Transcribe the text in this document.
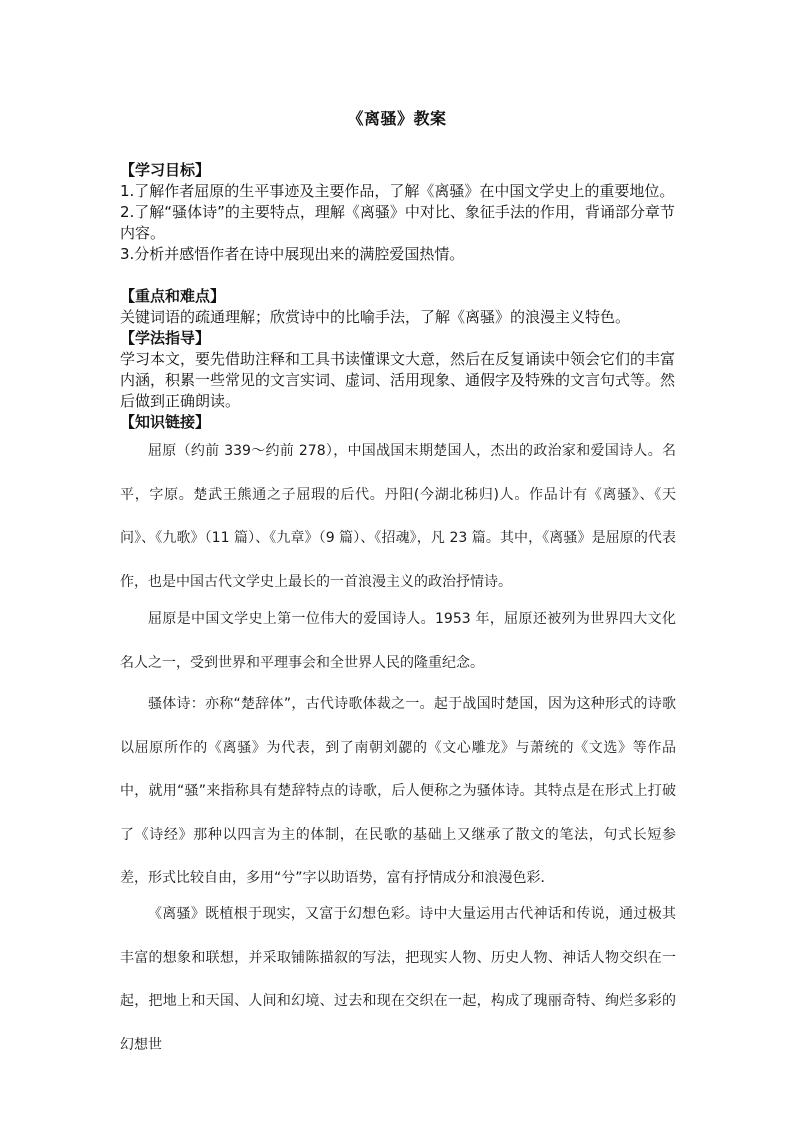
《离骚》教案
【学习目标】
1.了解作者屈原的生平事迹及主要作品，了解《离骚》在中国文学史上的重要地位。
2.了解“骚体诗”的主要特点，理解《离骚》中对比、象征手法的作用，背诵部分章节内容。
3.分析并感悟作者在诗中展现出来的满腔爱国热情。
【重点和难点】
关键词语的疏通理解；欣赏诗中的比喻手法，了解《离骚》的浪漫主义特色。
【学法指导】
学习本文，要先借助注释和工具书读懂课文大意，然后在反复诵读中领会它们的丰富内涵，积累一些常见的文言实词、虚词、活用现象、通假字及特殊的文言句式等。然后做到正确朗读。
【知识链接】
屈原（约前 339～约前 278），中国战国末期楚国人，杰出的政治家和爱国诗人。名平，字原。楚武王熊通之子屈瑕的后代。丹阳(今湖北秭归)人。作品计有《离骚》、《天问》、《九歌》（11 篇）、《九章》（9 篇）、《招魂》，凡 23 篇。其中，《离骚》是屈原的代表作，也是中国古代文学史上最长的一首浪漫主义的政治抒情诗。
屈原是中国文学史上第一位伟大的爱国诗人。1953 年，屈原还被列为世界四大文化名人之一，受到世界和平理事会和全世界人民的隆重纪念。
骚体诗：亦称“楚辞体”，古代诗歌体裁之一。起于战国时楚国，因为这种形式的诗歌以屈原所作的《离骚》为代表，到了南朝刘勰的《文心雕龙》与萧统的《文选》等作品中，就用“骚”来指称具有楚辞特点的诗歌，后人便称之为骚体诗。其特点是在形式上打破了《诗经》那种以四言为主的体制，在民歌的基础上又继承了散文的笔法，句式长短参差，形式比较自由，多用“兮”字以助语势，富有抒情成分和浪漫色彩．
《离骚》既植根于现实，又富于幻想色彩。诗中大量运用古代神话和传说，通过极其丰富的想象和联想，并采取铺陈描叙的写法，把现实人物、历史人物、神话人物交织在一起，把地上和天国、人间和幻境、过去和现在交织在一起，构成了瑰丽奇特、绚烂多彩的幻想世
